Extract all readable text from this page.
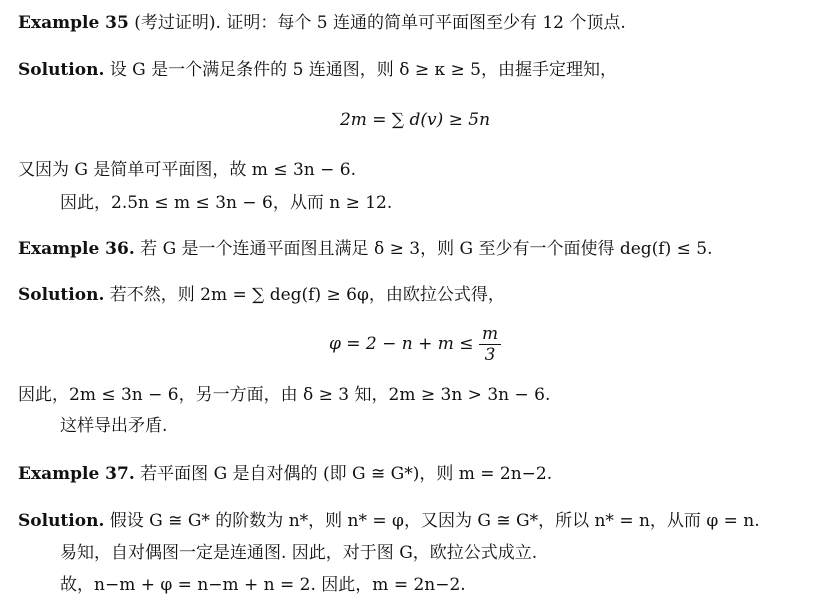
Example 35 (考过证明). 证明：每个 5 连通的简单可平面图至少有 12 个顶点.
Solution. 设 G 是一个满足条件的 5 连通图，则 δ ≥ κ ≥ 5，由握手定理知，
2m = ∑ d(v) ≥ 5n
又因为 G 是简单可平面图，故 m ≤ 3n − 6.
因此，2.5n ≤ m ≤ 3n − 6，从而 n ≥ 12.
Example 36. 若 G 是一个连通平面图且满足 δ ≥ 3，则 G 至少有一个面使得 deg(f) ≤ 5.
Solution. 若不然，则 2m = ∑ deg(f) ≥ 6φ，由欧拉公式得，
$\varphi = 2 - n + m \le \frac{m}{3}$
因此，2m ≤ 3n − 6，另一方面，由 δ ≥ 3 知，2m ≥ 3n > 3n − 6.
这样导出矛盾.
Example 37. 若平面图 G 是自对偶的 (即 G ≅ G*)，则 m = 2n−2.
Solution. 假设 G ≅ G* 的阶数为 n*，则 n* = φ，又因为 G ≅ G*，所以 n* = n，从而 φ = n.
易知，自对偶图一定是连通图. 因此，对于图 G，欧拉公式成立.
故，n−m + φ = n−m + n = 2. 因此，m = 2n−2.
